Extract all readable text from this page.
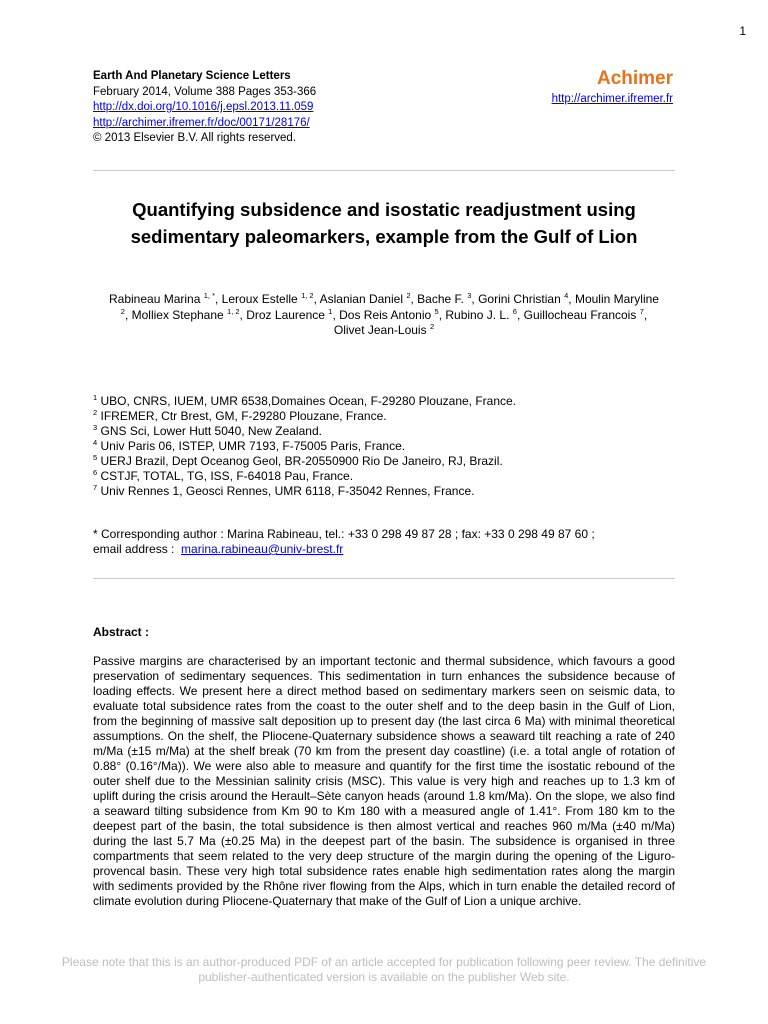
1
Earth And Planetary Science Letters
February 2014, Volume 388 Pages 353-366
http://dx.doi.org/10.1016/j.epsl.2013.11.059
http://archimer.ifremer.fr/doc/00171/28176/
© 2013 Elsevier B.V. All rights reserved.
Achimer
http://archimer.ifremer.fr
Quantifying subsidence and isostatic readjustment using
sedimentary paleomarkers, example from the Gulf of Lion
Rabineau Marina $^{1, *}$, Leroux Estelle $^{1, 2}$, Aslanian Daniel $^2$, Bache F. $^3$, Gorini Christian $^4$, Moulin Maryline $^2$, Molliex Stephane $^{1, 2}$, Droz Laurence $^1$, Dos Reis Antonio $^5$, Rubino J. L. $^6$, Guillocheau Francois $^7$, Olivet Jean-Louis $^2$
$^1$ UBO, CNRS, IUEM, UMR 6538,Domaines Ocean, F-29280 Plouzane, France.
$^2$ IFREMER, Ctr Brest, GM, F-29280 Plouzane, France.
$^3$ GNS Sci, Lower Hutt 5040, New Zealand.
$^4$ Univ Paris 06, ISTEP, UMR 7193, F-75005 Paris, France.
$^5$ UERJ Brazil, Dept Oceanog Geol, BR-20550900 Rio De Janeiro, RJ, Brazil.
$^6$ CSTJF, TOTAL, TG, ISS, F-64018 Pau, France.
$^7$ Univ Rennes 1, Geosci Rennes, UMR 6118, F-35042 Rennes, France.
* Corresponding author : Marina Rabineau, tel.: +33 0 298 49 87 28 ; fax: +33 0 298 49 87 60 ;
email address : marina.rabineau@univ-brest.fr
Abstract :
Passive margins are characterised by an important tectonic and thermal subsidence, which favours a good preservation of sedimentary sequences. This sedimentation in turn enhances the subsidence because of loading effects. We present here a direct method based on sedimentary markers seen on seismic data, to evaluate total subsidence rates from the coast to the outer shelf and to the deep basin in the Gulf of Lion, from the beginning of massive salt deposition up to present day (the last circa 6 Ma) with minimal theoretical assumptions. On the shelf, the Pliocene-Quaternary subsidence shows a seaward tilt reaching a rate of 240 m/Ma (±15 m/Ma) at the shelf break (70 km from the present day coastline) (i.e. a total angle of rotation of 0.88° (0.16°/Ma)). We were also able to measure and quantify for the first time the isostatic rebound of the outer shelf due to the Messinian salinity crisis (MSC). This value is very high and reaches up to 1.3 km of uplift during the crisis around the Herault–Sète canyon heads (around 1.8 km/Ma). On the slope, we also find a seaward tilting subsidence from Km 90 to Km 180 with a measured angle of 1.41°. From 180 km to the deepest part of the basin, the total subsidence is then almost vertical and reaches 960 m/Ma (±40 m/Ma) during the last 5.7 Ma (±0.25 Ma) in the deepest part of the basin. The subsidence is organised in three compartments that seem related to the very deep structure of the margin during the opening of the Liguro-provencal basin. These very high total subsidence rates enable high sedimentation rates along the margin with sediments provided by the Rhône river flowing from the Alps, which in turn enable the detailed record of climate evolution during Pliocene-Quaternary that make of the Gulf of Lion a unique archive.
Please note that this is an author-produced PDF of an article accepted for publication following peer review. The definitive publisher-authenticated version is available on the publisher Web site.
